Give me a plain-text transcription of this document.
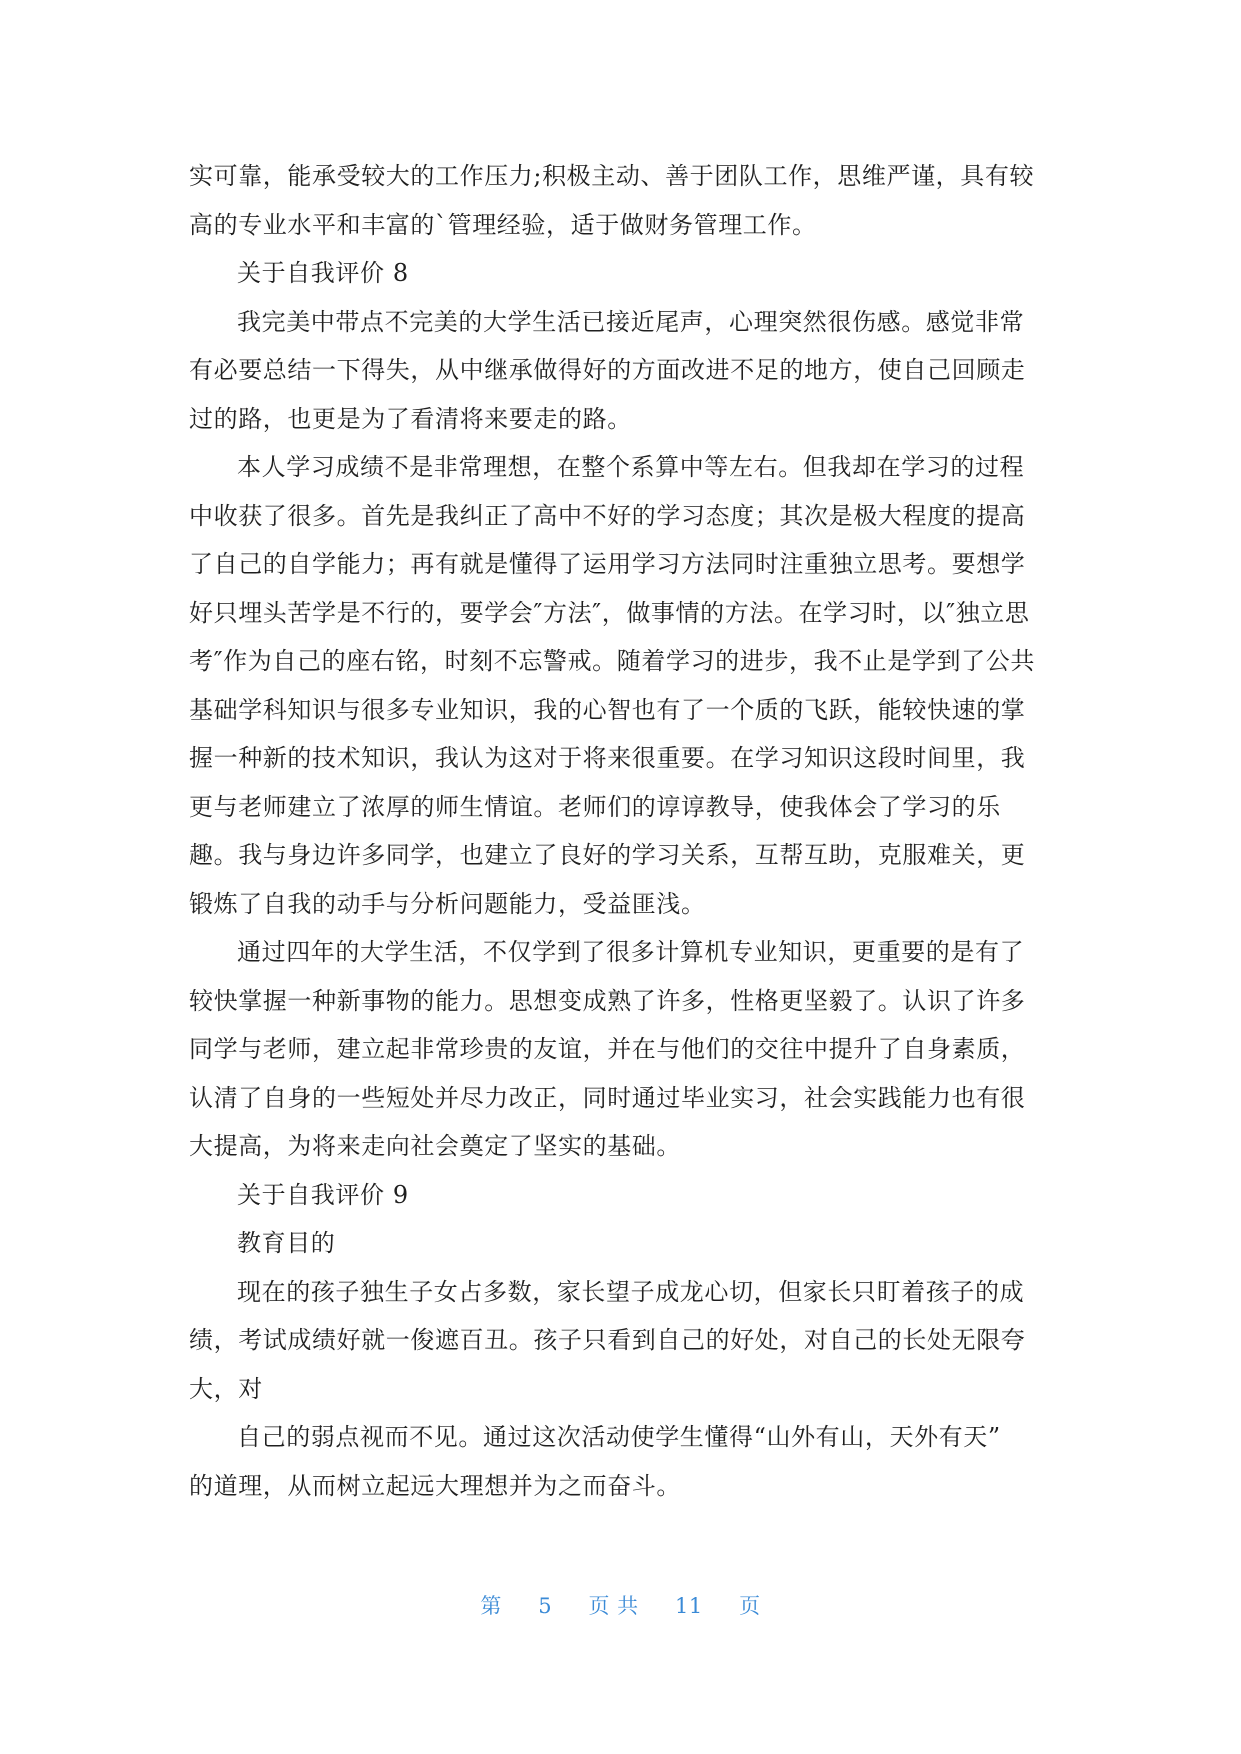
实可靠，能承受较大的工作压力;积极主动、善于团队工作，思维严谨，具有较
高的专业水平和丰富的`管理经验，适于做财务管理工作。
关于自我评价 8
我完美中带点不完美的大学生活已接近尾声，心理突然很伤感。感觉非常
有必要总结一下得失，从中继承做得好的方面改进不足的地方，使自己回顾走
过的路，也更是为了看清将来要走的路。
本人学习成绩不是非常理想，在整个系算中等左右。但我却在学习的过程
中收获了很多。首先是我纠正了高中不好的学习态度；其次是极大程度的提高
了自己的自学能力；再有就是懂得了运用学习方法同时注重独立思考。要想学
好只埋头苦学是不行的，要学会″方法″，做事情的方法。在学习时，以″独立思
考″作为自己的座右铭，时刻不忘警戒。随着学习的进步，我不止是学到了公共
基础学科知识与很多专业知识，我的心智也有了一个质的飞跃，能较快速的掌
握一种新的技术知识，我认为这对于将来很重要。在学习知识这段时间里，我
更与老师建立了浓厚的师生情谊。老师们的谆谆教导，使我体会了学习的乐
趣。我与身边许多同学，也建立了良好的学习关系，互帮互助，克服难关，更
锻炼了自我的动手与分析问题能力，受益匪浅。
通过四年的大学生活，不仅学到了很多计算机专业知识，更重要的是有了
较快掌握一种新事物的能力。思想变成熟了许多，性格更坚毅了。认识了许多
同学与老师，建立起非常珍贵的友谊，并在与他们的交往中提升了自身素质，
认清了自身的一些短处并尽力改正，同时通过毕业实习，社会实践能力也有很
大提高，为将来走向社会奠定了坚实的基础。
关于自我评价 9
教育目的
现在的孩子独生子女占多数，家长望子成龙心切，但家长只盯着孩子的成
绩，考试成绩好就一俊遮百丑。孩子只看到自己的好处，对自己的长处无限夸
大，对
自己的弱点视而不见。通过这次活动使学生懂得“山外有山，天外有天”
的道理，从而树立起远大理想并为之而奋斗。
第 5 页 共 11 页
